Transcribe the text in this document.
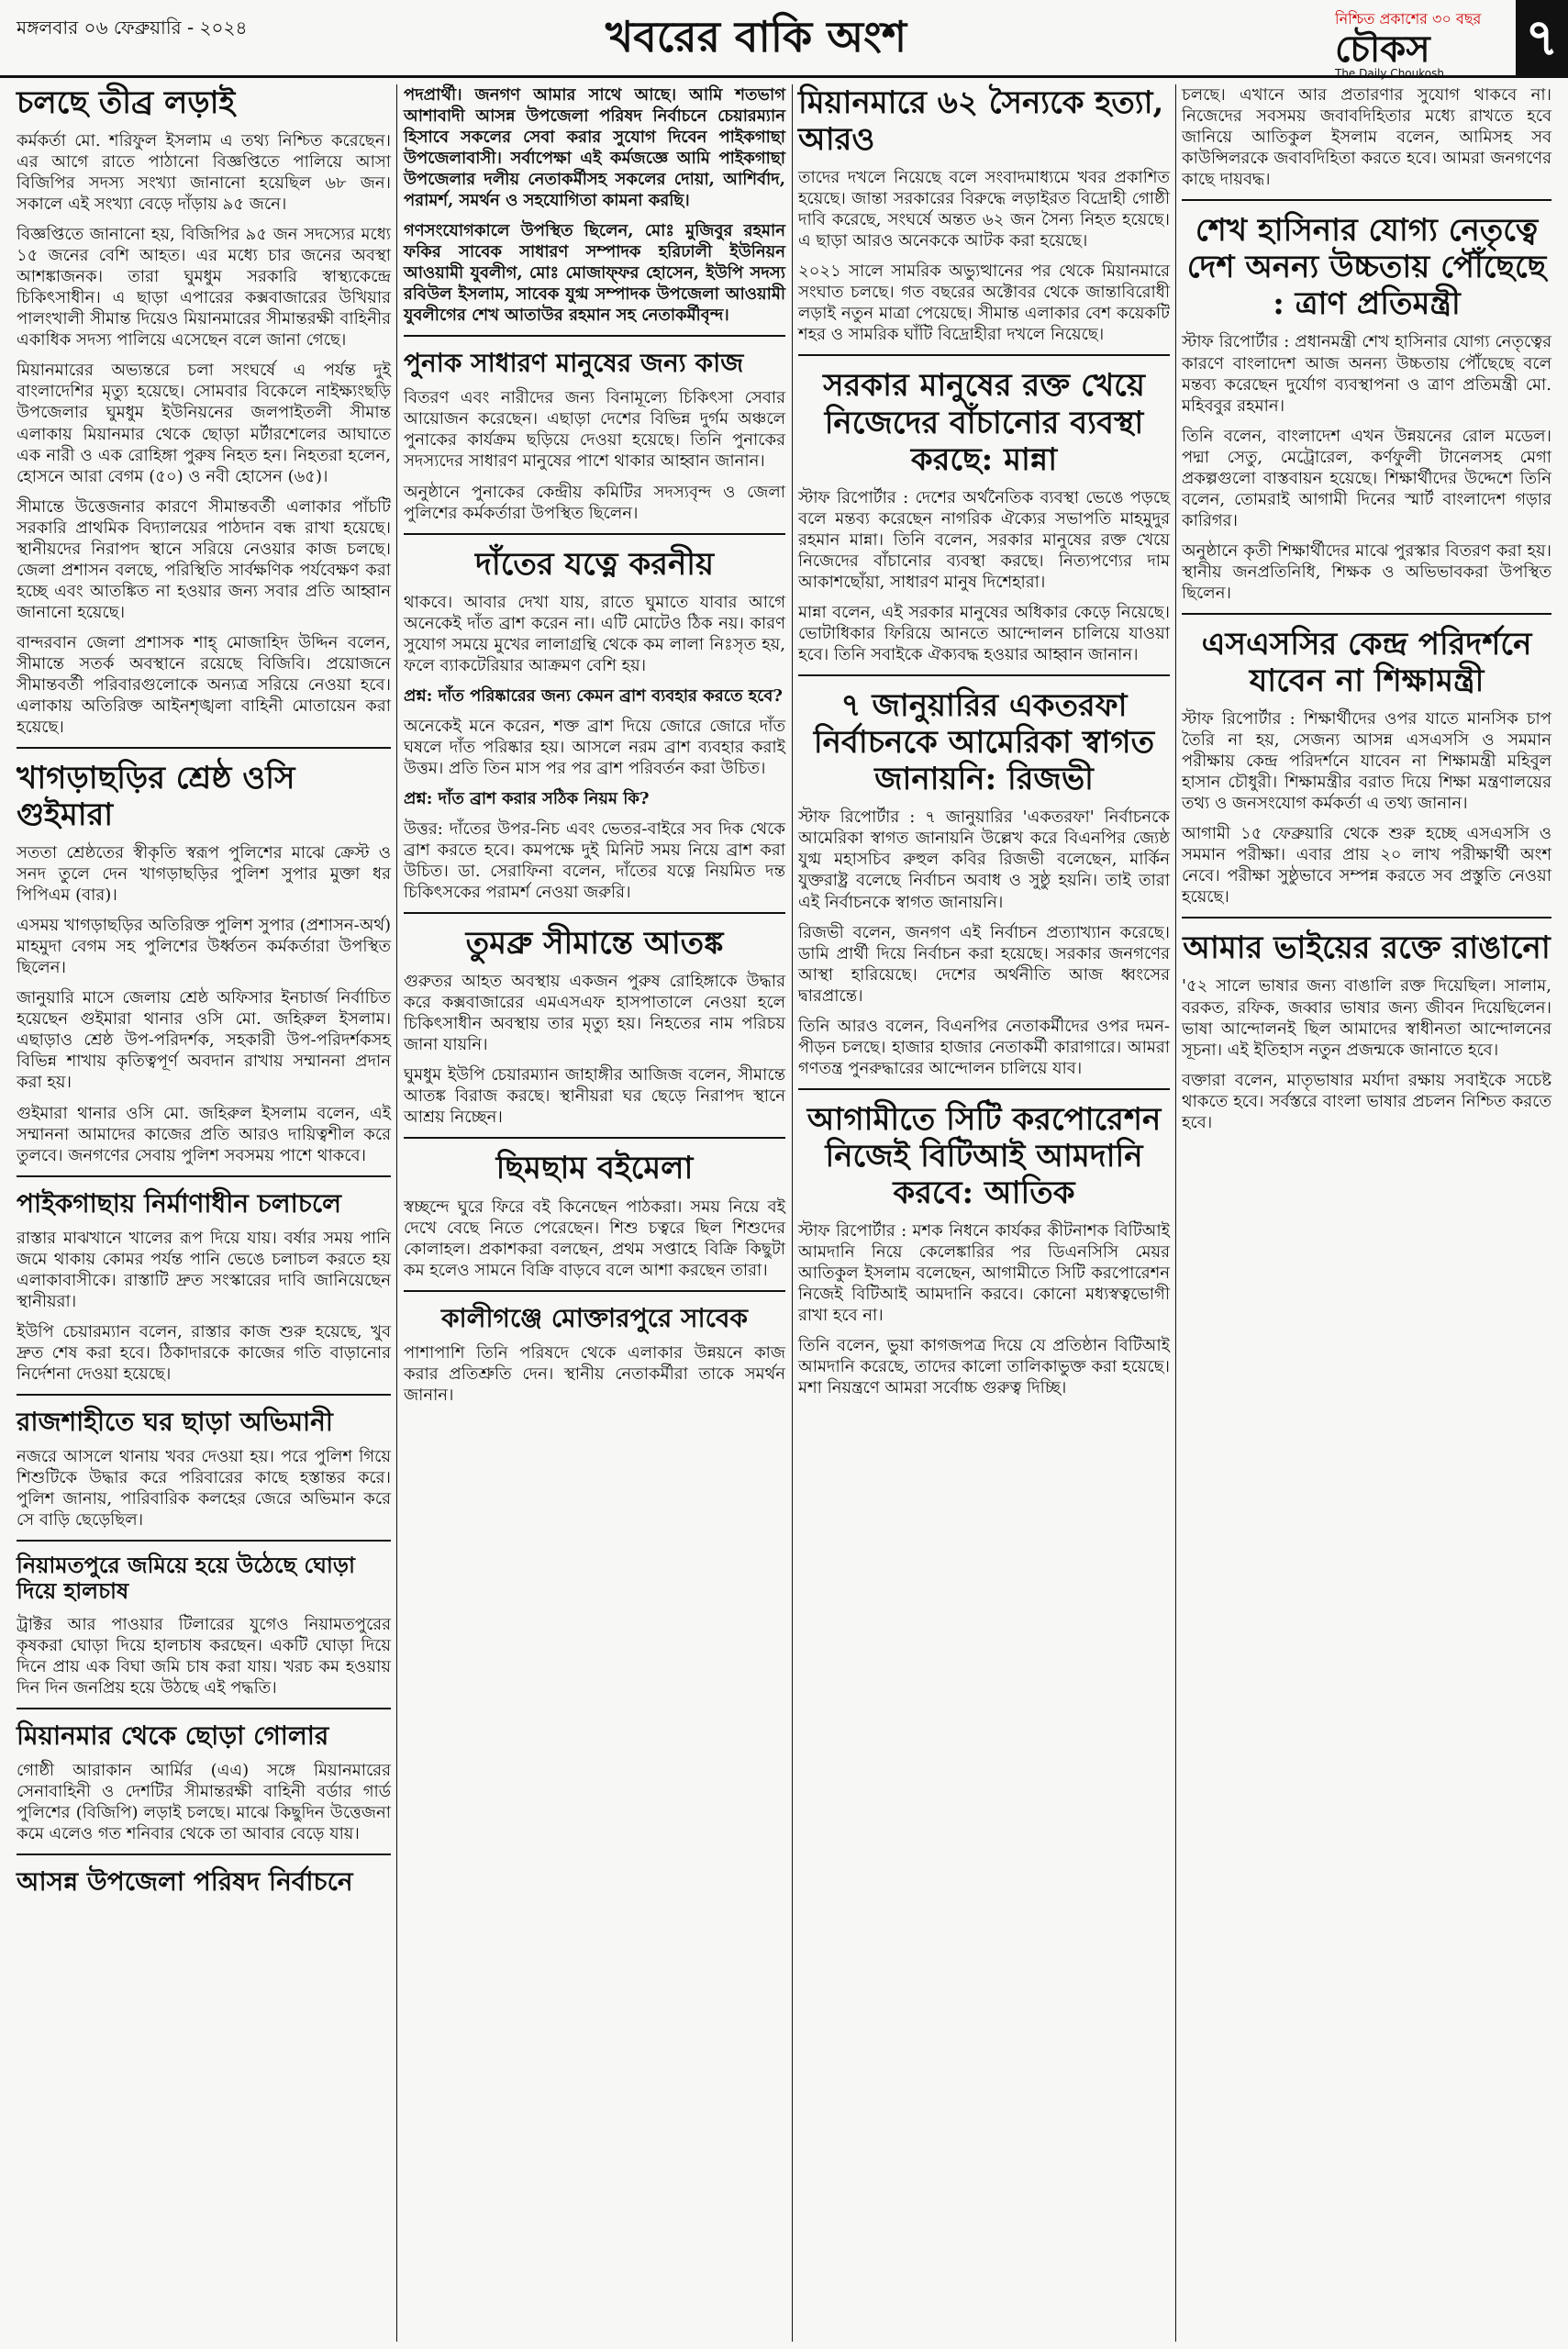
মঙ্গলবার ০৬ ফেব্রুয়ারি - ২০২৪	খবরের বাকি অংশ	নিশ্চিত প্রকাশের ৩০ বছর
চৌকস
The Daily Choukosh
৭
চলছে তীব্র লড়াই
কর্মকর্তা মো. শরিফুল ইসলাম এ তথ্য নিশ্চিত করেছেন। এর আগে রাতে পাঠানো বিজ্ঞপ্তিতে পালিয়ে আসা বিজিপির সদস্য সংখ্যা জানানো হয়েছিল ৬৮ জন। সকালে এই সংখ্যা বেড়ে দাঁড়ায় ৯৫ জনে।
বিজ্ঞপ্তিতে জানানো হয়, বিজিপির ৯৫ জন সদস্যের মধ্যে ১৫ জনের বেশি আহত। এর মধ্যে চার জনের অবস্থা আশঙ্কাজনক। তারা ঘুমধুম সরকারি স্বাস্থ্যকেন্দ্রে চিকিৎসাধীন। এ ছাড়া এপারের কক্সবাজারের উখিয়ার পালংখালী সীমান্ত দিয়েও মিয়ানমারের সীমান্তরক্ষী বাহিনীর একাধিক সদস্য পালিয়ে এসেছেন বলে জানা গেছে।
মিয়ানমারের অভ্যন্তরে চলা সংঘর্ষে এ পর্যন্ত দুই বাংলাদেশির মৃত্যু হয়েছে। সোমবার বিকেলে নাইক্ষ্যংছড়ি উপজেলার ঘুমধুম ইউনিয়নের জলপাইতলী সীমান্ত এলাকায় মিয়ানমার থেকে ছোড়া মর্টারশেলের আঘাতে এক নারী ও এক রোহিঙ্গা পুরুষ নিহত হন। নিহতরা হলেন, হোসনে আরা বেগম (৫০) ও নবী হোসেন (৬৫)।
সীমান্তে উত্তেজনার কারণে সীমান্তবর্তী এলাকার পাঁচটি সরকারি প্রাথমিক বিদ্যালয়ের পাঠদান বন্ধ রাখা হয়েছে। স্থানীয়দের নিরাপদ স্থানে সরিয়ে নেওয়ার কাজ চলছে। জেলা প্রশাসন বলছে, পরিস্থিতি সার্বক্ষণিক পর্যবেক্ষণ করা হচ্ছে এবং আতঙ্কিত না হওয়ার জন্য সবার প্রতি আহ্বান জানানো হয়েছে।
বান্দরবান জেলা প্রশাসক শাহ্ মোজাহিদ উদ্দিন বলেন, সীমান্তে সতর্ক অবস্থানে রয়েছে বিজিবি। প্রয়োজনে সীমান্তবর্তী পরিবারগুলোকে অন্যত্র সরিয়ে নেওয়া হবে। এলাকায় অতিরিক্ত আইনশৃঙ্খলা বাহিনী মোতায়েন করা হয়েছে।
খাগড়াছড়ির শ্রেষ্ঠ ওসি গুইমারা
সততা শ্রেষ্ঠতের স্বীকৃতি স্বরূপ পুলিশের মাঝে ক্রেস্ট ও সনদ তুলে দেন খাগড়াছড়ির পুলিশ সুপার মুক্তা ধর পিপিএম (বার)।
এসময় খাগড়াছড়ির অতিরিক্ত পুলিশ সুপার (প্রশাসন-অর্থ) মাহমুদা বেগম সহ পুলিশের উর্ধ্বতন কর্মকর্তারা উপস্থিত ছিলেন।
জানুয়ারি মাসে জেলায় শ্রেষ্ঠ অফিসার ইনচার্জ নির্বাচিত হয়েছেন গুইমারা থানার ওসি মো. জহিরুল ইসলাম। এছাড়াও শ্রেষ্ঠ উপ-পরিদর্শক, সহকারী উপ-পরিদর্শকসহ বিভিন্ন শাখায় কৃতিত্বপূর্ণ অবদান রাখায় সম্মাননা প্রদান করা হয়।
গুইমারা থানার ওসি মো. জহিরুল ইসলাম বলেন, এই সম্মাননা আমাদের কাজের প্রতি আরও দায়িত্বশীল করে তুলবে। জনগণের সেবায় পুলিশ সবসময় পাশে থাকবে।
পাইকগাছায় নির্মাণাধীন চলাচলে
রাস্তার মাঝখানে খালের রূপ দিয়ে যায়। বর্ষার সময় পানি জমে থাকায় কোমর পর্যন্ত পানি ভেঙে চলাচল করতে হয় এলাকাবাসীকে। রাস্তাটি দ্রুত সংস্কারের দাবি জানিয়েছেন স্থানীয়রা।
ইউপি চেয়ারম্যান বলেন, রাস্তার কাজ শুরু হয়েছে, খুব দ্রুত শেষ করা হবে। ঠিকাদারকে কাজের গতি বাড়ানোর নির্দেশনা দেওয়া হয়েছে।
রাজশাহীতে ঘর ছাড়া অভিমানী
নজরে আসলে থানায় খবর দেওয়া হয়। পরে পুলিশ গিয়ে শিশুটিকে উদ্ধার করে পরিবারের কাছে হস্তান্তর করে। পুলিশ জানায়, পারিবারিক কলহের জেরে অভিমান করে সে বাড়ি ছেড়েছিল।
নিয়ামতপুরে জমিয়ে হয়ে উঠেছে ঘোড়া দিয়ে হালচাষ
ট্রাক্টর আর পাওয়ার টিলারের যুগেও নিয়ামতপুরের কৃষকরা ঘোড়া দিয়ে হালচাষ করছেন। একটি ঘোড়া দিয়ে দিনে প্রায় এক বিঘা জমি চাষ করা যায়। খরচ কম হওয়ায় দিন দিন জনপ্রিয় হয়ে উঠছে এই পদ্ধতি।
মিয়ানমার থেকে ছোড়া গোলার
গোষ্ঠী আরাকান আর্মির (এএ) সঙ্গে মিয়ানমারের সেনাবাহিনী ও দেশটির সীমান্তরক্ষী বাহিনী বর্ডার গার্ড পুলিশের (বিজিপি) লড়াই চলছে। মাঝে কিছুদিন উত্তেজনা কমে এলেও গত শনিবার থেকে তা আবার বেড়ে যায়।
আসন্ন উপজেলা পরিষদ নির্বাচনে
পদপ্রার্থী। জনগণ আমার সাথে আছে। আমি শতভাগ আশাবাদী আসন্ন উপজেলা পরিষদ নির্বাচনে চেয়ারম্যান হিসাবে সকলের সেবা করার সুযোগ দিবেন পাইকগাছা উপজেলাবাসী। সর্বাপেক্ষা এই কর্মজজ্ঞে আমি পাইকগাছা উপজেলার দলীয় নেতাকর্মীসহ সকলের দোয়া, আশির্বাদ, পরামর্শ, সমর্থন ও সহযোগিতা কামনা করছি।
গণসংযোগকালে উপস্থিত ছিলেন, মোঃ মুজিবুর রহমান ফকির সাবেক সাধারণ সম্পাদক হরিঢালী ইউনিয়ন আওয়ামী যুবলীগ, মোঃ মোজাফ্ফর হোসেন, ইউপি সদস্য রবিউল ইসলাম, সাবেক যুগ্ম সম্পাদক উপজেলা আওয়ামী যুবলীগের শেখ আতাউর রহমান সহ নেতাকর্মীবৃন্দ।
পুনাক সাধারণ মানুষের জন্য কাজ
বিতরণ এবং নারীদের জন্য বিনামূল্যে চিকিৎসা সেবার আয়োজন করেছেন। এছাড়া দেশের বিভিন্ন দুর্গম অঞ্চলে পুনাকের কার্যক্রম ছড়িয়ে দেওয়া হয়েছে। তিনি পুনাকের সদস্যদের সাধারণ মানুষের পাশে থাকার আহ্বান জানান।
অনুষ্ঠানে পুনাকের কেন্দ্রীয় কমিটির সদস্যবৃন্দ ও জেলা পুলিশের কর্মকর্তারা উপস্থিত ছিলেন।
দাঁতের যত্নে করনীয়
থাকবে। আবার দেখা যায়, রাতে ঘুমাতে যাবার আগে অনেকেই দাঁত ব্রাশ করেন না। এটি মোটেও ঠিক নয়। কারণ সুযোগ সময়ে মুখের লালাগ্রন্থি থেকে কম লালা নিঃসৃত হয়, ফলে ব্যাকটেরিয়ার আক্রমণ বেশি হয়।
প্রশ্ন: দাঁত পরিষ্কারের জন্য কেমন ব্রাশ ব্যবহার করতে হবে?
অনেকেই মনে করেন, শক্ত ব্রাশ দিয়ে জোরে জোরে দাঁত ঘষলে দাঁত পরিষ্কার হয়। আসলে নরম ব্রাশ ব্যবহার করাই উত্তম। প্রতি তিন মাস পর পর ব্রাশ পরিবর্তন করা উচিত।
প্রশ্ন: দাঁত ব্রাশ করার সঠিক নিয়ম কি?
উত্তর: দাঁতের উপর-নিচ এবং ভেতর-বাইরে সব দিক থেকে ব্রাশ করতে হবে। কমপক্ষে দুই মিনিট সময় নিয়ে ব্রাশ করা উচিত। ডা. সেরাফিনা বলেন, দাঁতের যত্নে নিয়মিত দন্ত চিকিৎসকের পরামর্শ নেওয়া জরুরি।
তুমব্রু সীমান্তে আতঙ্ক
গুরুতর আহত অবস্থায় একজন পুরুষ রোহিঙ্গাকে উদ্ধার করে কক্সবাজারের এমএসএফ হাসপাতালে নেওয়া হলে চিকিৎসাধীন অবস্থায় তার মৃত্যু হয়। নিহতের নাম পরিচয় জানা যায়নি।
ঘুমধুম ইউপি চেয়ারম্যান জাহাঙ্গীর আজিজ বলেন, সীমান্তে আতঙ্ক বিরাজ করছে। স্থানীয়রা ঘর ছেড়ে নিরাপদ স্থানে আশ্রয় নিচ্ছেন।
ছিমছাম বইমেলা
স্বচ্ছন্দে ঘুরে ফিরে বই কিনেছেন পাঠকরা। সময় নিয়ে বই দেখে বেছে নিতে পেরেছেন। শিশু চত্বরে ছিল শিশুদের কোলাহল। প্রকাশকরা বলছেন, প্রথম সপ্তাহে বিক্রি কিছুটা কম হলেও সামনে বিক্রি বাড়বে বলে আশা করছেন তারা।
কালীগঞ্জে মোক্তারপুরে সাবেক
পাশাপাশি তিনি পরিষদে থেকে এলাকার উন্নয়নে কাজ করার প্রতিশ্রুতি দেন। স্থানীয় নেতাকর্মীরা তাকে সমর্থন জানান।
মিয়ানমারে ৬২ সৈন্যকে হত্যা, আরও
তাদের দখলে নিয়েছে বলে সংবাদমাধ্যমে খবর প্রকাশিত হয়েছে। জান্তা সরকারের বিরুদ্ধে লড়াইরত বিদ্রোহী গোষ্ঠী দাবি করেছে, সংঘর্ষে অন্তত ৬২ জন সৈন্য নিহত হয়েছে। এ ছাড়া আরও অনেককে আটক করা হয়েছে।
২০২১ সালে সামরিক অভ্যুত্থানের পর থেকে মিয়ানমারে সংঘাত চলছে। গত বছরের অক্টোবর থেকে জান্তাবিরোধী লড়াই নতুন মাত্রা পেয়েছে। সীমান্ত এলাকার বেশ কয়েকটি শহর ও সামরিক ঘাঁটি বিদ্রোহীরা দখলে নিয়েছে।
সরকার মানুষের রক্ত খেয়ে নিজেদের বাঁচানোর ব্যবস্থা করছে: মান্না
স্টাফ রিপোর্টার : দেশের অর্থনৈতিক ব্যবস্থা ভেঙে পড়ছে বলে মন্তব্য করেছেন নাগরিক ঐক্যের সভাপতি মাহমুদুর রহমান মান্না। তিনি বলেন, সরকার মানুষের রক্ত খেয়ে নিজেদের বাঁচানোর ব্যবস্থা করছে। নিত্যপণ্যের দাম আকাশছোঁয়া, সাধারণ মানুষ দিশেহারা।
মান্না বলেন, এই সরকার মানুষের অধিকার কেড়ে নিয়েছে। ভোটাধিকার ফিরিয়ে আনতে আন্দোলন চালিয়ে যাওয়া হবে। তিনি সবাইকে ঐক্যবদ্ধ হওয়ার আহ্বান জানান।
৭ জানুয়ারির একতরফা নির্বাচনকে আমেরিকা স্বাগত জানায়নি: রিজভী
স্টাফ রিপোর্টার : ৭ জানুয়ারির 'একতরফা' নির্বাচনকে আমেরিকা স্বাগত জানায়নি উল্লেখ করে বিএনপির জ্যেষ্ঠ যুগ্ম মহাসচিব রুহুল কবির রিজভী বলেছেন, মার্কিন যুক্তরাষ্ট্র বলেছে নির্বাচন অবাধ ও সুষ্ঠু হয়নি। তাই তারা এই নির্বাচনকে স্বাগত জানায়নি।
রিজভী বলেন, জনগণ এই নির্বাচন প্রত্যাখ্যান করেছে। ডামি প্রার্থী দিয়ে নির্বাচন করা হয়েছে। সরকার জনগণের আস্থা হারিয়েছে। দেশের অর্থনীতি আজ ধ্বংসের দ্বারপ্রান্তে।
তিনি আরও বলেন, বিএনপির নেতাকর্মীদের ওপর দমন-পীড়ন চলছে। হাজার হাজার নেতাকর্মী কারাগারে। আমরা গণতন্ত্র পুনরুদ্ধারের আন্দোলন চালিয়ে যাব।
আগামীতে সিটি করপোরেশন নিজেই বিটিআই আমদানি করবে: আতিক
স্টাফ রিপোর্টার : মশক নিধনে কার্যকর কীটনাশক বিটিআই আমদানি নিয়ে কেলেঙ্কারির পর ডিএনসিসি মেয়র আতিকুল ইসলাম বলেছেন, আগামীতে সিটি করপোরেশন নিজেই বিটিআই আমদানি করবে। কোনো মধ্যস্বত্বভোগী রাখা হবে না।
তিনি বলেন, ভুয়া কাগজপত্র দিয়ে যে প্রতিষ্ঠান বিটিআই আমদানি করেছে, তাদের কালো তালিকাভুক্ত করা হয়েছে। মশা নিয়ন্ত্রণে আমরা সর্বোচ্চ গুরুত্ব দিচ্ছি।
চলছে। এখানে আর প্রতারণার সুযোগ থাকবে না। নিজেদের সবসময় জবাবদিহিতার মধ্যে রাখতে হবে জানিয়ে আতিকুল ইসলাম বলেন, আমিসহ সব কাউন্সিলরকে জবাবদিহিতা করতে হবে। আমরা জনগণের কাছে দায়বদ্ধ।
শেখ হাসিনার যোগ্য নেতৃত্বে দেশ অনন্য উচ্চতায় পৌঁছেছে : ত্রাণ প্রতিমন্ত্রী
স্টাফ রিপোর্টার : প্রধানমন্ত্রী শেখ হাসিনার যোগ্য নেতৃত্বের কারণে বাংলাদেশ আজ অনন্য উচ্চতায় পৌঁছেছে বলে মন্তব্য করেছেন দুর্যোগ ব্যবস্থাপনা ও ত্রাণ প্রতিমন্ত্রী মো. মহিববুর রহমান।
তিনি বলেন, বাংলাদেশ এখন উন্নয়নের রোল মডেল। পদ্মা সেতু, মেট্রোরেল, কর্ণফুলী টানেলসহ মেগা প্রকল্পগুলো বাস্তবায়ন হয়েছে। শিক্ষার্থীদের উদ্দেশে তিনি বলেন, তোমরাই আগামী দিনের স্মার্ট বাংলাদেশ গড়ার কারিগর।
অনুষ্ঠানে কৃতী শিক্ষার্থীদের মাঝে পুরস্কার বিতরণ করা হয়। স্থানীয় জনপ্রতিনিধি, শিক্ষক ও অভিভাবকরা উপস্থিত ছিলেন।
এসএসসির কেন্দ্র পরিদর্শনে যাবেন না শিক্ষামন্ত্রী
স্টাফ রিপোর্টার : শিক্ষার্থীদের ওপর যাতে মানসিক চাপ তৈরি না হয়, সেজন্য আসন্ন এসএসসি ও সমমান পরীক্ষায় কেন্দ্র পরিদর্শনে যাবেন না শিক্ষামন্ত্রী মহিবুল হাসান চৌধুরী। শিক্ষামন্ত্রীর বরাত দিয়ে শিক্ষা মন্ত্রণালয়ের তথ্য ও জনসংযোগ কর্মকর্তা এ তথ্য জানান।
আগামী ১৫ ফেব্রুয়ারি থেকে শুরু হচ্ছে এসএসসি ও সমমান পরীক্ষা। এবার প্রায় ২০ লাখ পরীক্ষার্থী অংশ নেবে। পরীক্ষা সুষ্ঠুভাবে সম্পন্ন করতে সব প্রস্তুতি নেওয়া হয়েছে।
আমার ভাইয়ের রক্তে রাঙানো
'৫২ সালে ভাষার জন্য বাঙালি রক্ত দিয়েছিল। সালাম, বরকত, রফিক, জব্বার ভাষার জন্য জীবন দিয়েছিলেন। ভাষা আন্দোলনই ছিল আমাদের স্বাধীনতা আন্দোলনের সূচনা। এই ইতিহাস নতুন প্রজন্মকে জানাতে হবে।
বক্তারা বলেন, মাতৃভাষার মর্যাদা রক্ষায় সবাইকে সচেষ্ট থাকতে হবে। সর্বস্তরে বাংলা ভাষার প্রচলন নিশ্চিত করতে হবে।
